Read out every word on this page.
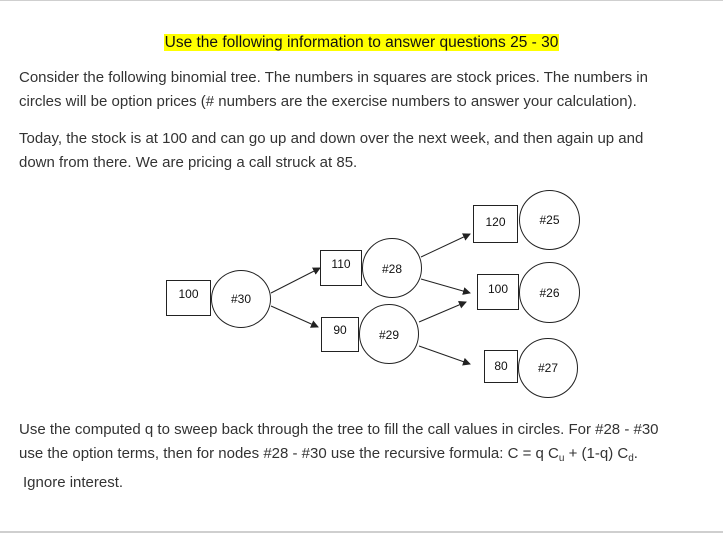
Use the following information to answer questions 25 - 30
Consider the following binomial tree. The numbers in squares are stock prices. The numbers in
circles will be option prices (# numbers are the exercise numbers to answer your calculation).
Today, the stock is at 100 and can go up and down over the next week, and then again up and
down from there. We are pricing a call struck at 85.
100	#30
110	#28
90	#29
120	#25
100	#26
80	#27
Use the computed q to sweep back through the tree to fill the call values in circles. For #28 - #30
use the option terms, then for nodes #28 - #30 use the recursive formula: C = q $C_u + (1-q)$ $C_d$.
Ignore interest.
